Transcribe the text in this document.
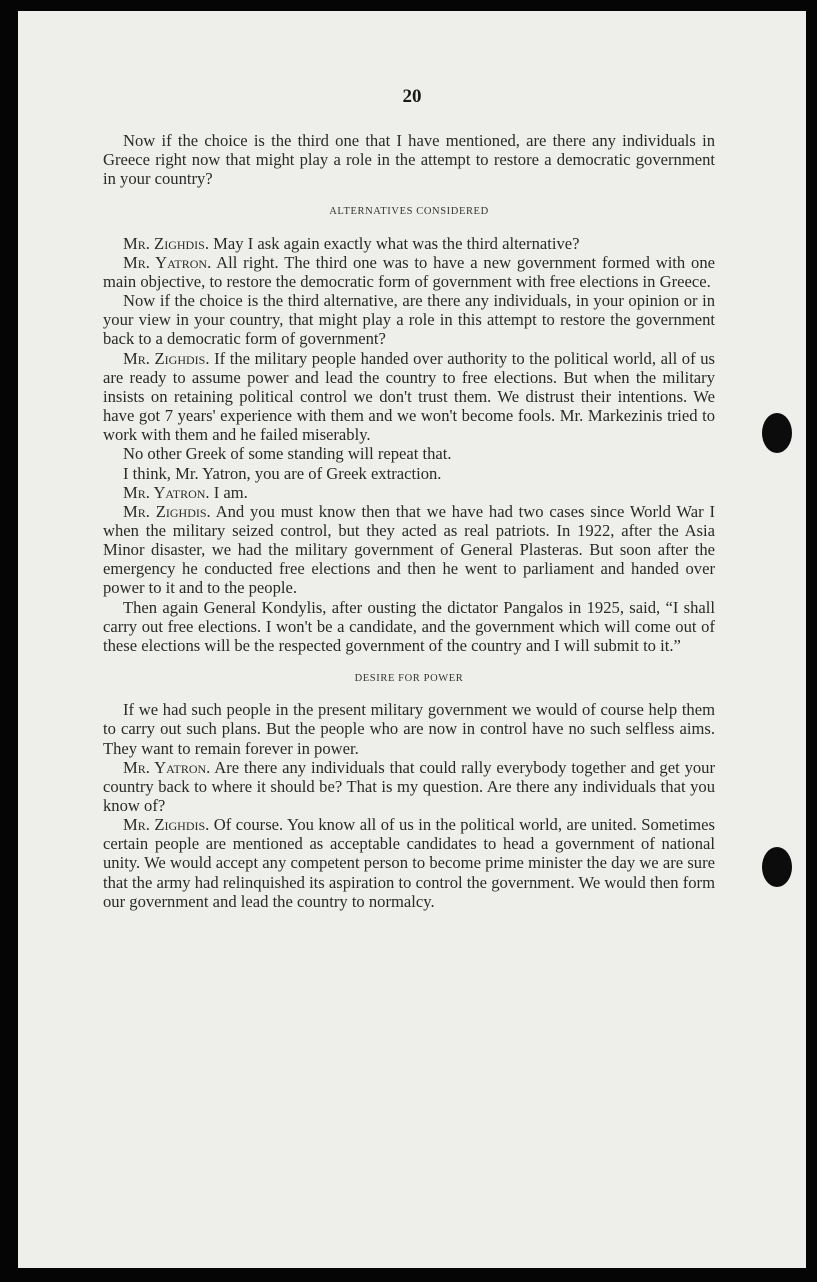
20

Now if the choice is the third one that I have mentioned, are there any individuals in Greece right now that might play a role in the attempt to restore a democratic government in your country?

ALTERNATIVES CONSIDERED

Mr. Zighdis. May I ask again exactly what was the third alternative?

Mr. Yatron. All right. The third one was to have a new government formed with one main objective, to restore the democratic form of government with free elections in Greece.

Now if the choice is the third alternative, are there any individuals, in your opinion or in your view in your country, that might play a role in this attempt to restore the government back to a democratic form of government?

Mr. Zighdis. If the military people handed over authority to the political world, all of us are ready to assume power and lead the country to free elections. But when the military insists on retaining political control we don't trust them. We distrust their intentions. We have got 7 years' experience with them and we won't become fools. Mr. Markezinis tried to work with them and he failed miserably.

No other Greek of some standing will repeat that.

I think, Mr. Yatron, you are of Greek extraction.

Mr. Yatron. I am.

Mr. Zighdis. And you must know then that we have had two cases since World War I when the military seized control, but they acted as real patriots. In 1922, after the Asia Minor disaster, we had the military government of General Plasteras. But soon after the emergency he conducted free elections and then he went to parliament and handed over power to it and to the people.

Then again General Kondylis, after ousting the dictator Pangalos in 1925, said, “I shall carry out free elections. I won't be a candidate, and the government which will come out of these elections will be the respected government of the country and I will submit to it.”

DESIRE FOR POWER

If we had such people in the present military government we would of course help them to carry out such plans. But the people who are now in control have no such selfless aims. They want to remain forever in power.

Mr. Yatron. Are there any individuals that could rally everybody together and get your country back to where it should be? That is my question. Are there any individuals that you know of?

Mr. Zighdis. Of course. You know all of us in the political world, are united. Sometimes certain people are mentioned as acceptable candidates to head a government of national unity. We would accept any competent person to become prime minister the day we are sure that the army had relinquished its aspiration to control the government. We would then form our government and lead the country to normalcy.
